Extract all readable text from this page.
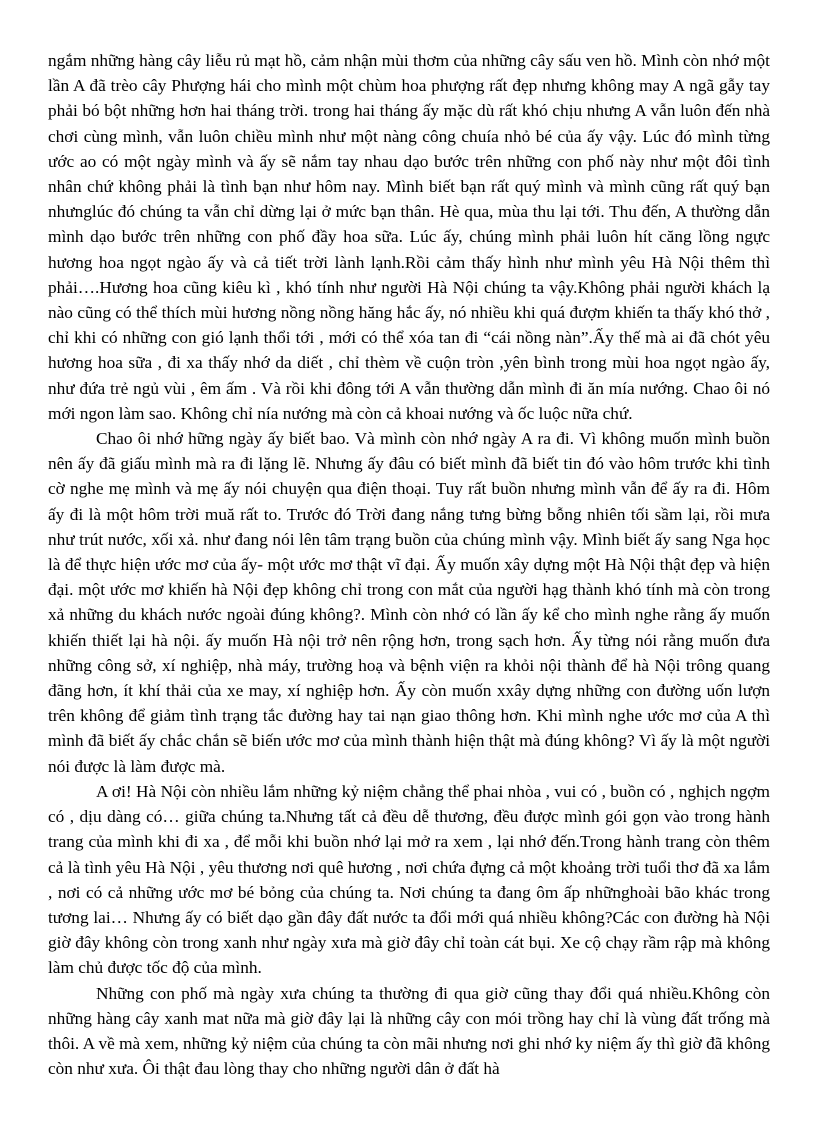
ngắm những hàng cây liễu rủ mạt hồ, cảm nhận mùi thơm của những cây sấu ven hồ. Mình còn nhớ một lần A đã trèo cây Phượng hái cho mình một chùm hoa phượng rất đẹp nhưng không may A ngã gẫy tay phải bó bột những hơn hai tháng trời. trong hai tháng ấy mặc dù rất khó chịu nhưng A vẫn luôn đến nhà chơi cùng mình, vẫn luôn chiều mình như một nàng công chuía nhỏ bé của ấy vậy. Lúc đó mình từng ước ao có một ngày mình và ấy sẽ nắm tay nhau dạo bước trên những con phố này như một đôi tình nhân chứ không phải là tình bạn như hôm nay. Mình biết bạn rất quý mình và mình cũng rất quý bạn nhưnglúc đó chúng ta vẫn chỉ dừng lại ở mức bạn thân. Hè qua, mùa thu lại tới. Thu đến, A thường dẫn mình dạo bước trên những con phố đầy hoa sữa. Lúc ấy, chúng mình phải luôn hít căng lồng ngực hương hoa ngọt ngào ấy và cả tiết trời lành lạnh.Rồi cảm thấy hình như mình yêu Hà Nội thêm thì phải….Hương hoa cũng kiêu kì , khó tính như người Hà Nội chúng ta vậy.Không phải người khách lạ nào cũng có thể thích mùi hương nồng nồng hăng hắc ấy, nó nhiều khi quá đượm khiến ta thấy khó thở , chỉ khi có những con gió lạnh thổi tới , mới có thể xóa tan đi “cái nồng nàn”.Ấy thế mà ai đã chót yêu hương hoa sữa , đi xa thấy nhớ da diết , chỉ thèm về cuộn tròn ,yên bình trong mùi hoa ngọt ngào ấy, như đứa trẻ ngủ vùi , êm ấm . Và rồi khi đông tới A vẫn thường dẫn mình đi ăn mía nướng. Chao ôi nó mới ngon làm sao. Không chỉ nía nướng mà còn cả khoai nướng và ốc luộc nữa chứ.

Chao ôi nhớ hững ngày ấy biết bao. Và mình còn nhớ ngày A ra đi. Vì không muốn mình buồn nên ấy đã giấu mình mà ra đi lặng lẽ. Nhưng ấy đâu có biết mình đã biết tin đó vào hôm trước khi tình cờ nghe mẹ mình và mẹ ấy nói chuyện qua điện thoại. Tuy rất buồn nhưng mình vẫn để ấy ra đi. Hôm ấy đi là một hôm trời muă rất to. Trước đó Trời đang nắng tưng bừng bỗng nhiên tối sầm lại, rồi mưa như trút nước, xối xả. như đang nói lên tâm trạng buồn của chúng mình vậy. Mình biết ấy sang Nga học là để thực hiện ước mơ của ấy- một ước mơ thật vĩ đại. Ấy muốn xây dựng một Hà Nội thật đẹp và hiện đại. một ước mơ khiến hà Nội đẹp không chỉ trong con mắt của người hạg thành khó tính mà còn trong xả những du khách nước ngoài đúng không?. Mình còn nhớ có lần ấy kể cho mình nghe rằng ấy muốn khiến thiết lại hà nội. ấy muốn Hà nội trở nên rộng hơn, trong sạch hơn. Ấy từng nói rằng muốn đưa những công sở, xí nghiệp, nhà máy, trường hoạ và bệnh viện ra khỏi nội thành để hà Nội trông quang đãng hơn, ít khí thải của xe may, xí nghiệp hơn. Ấy còn muốn xxây dựng những con đường uốn lượn trên không để giảm tình trạng tắc đường hay tai nạn giao thông hơn. Khi mình nghe ước mơ của A thì mình đã biết ấy chắc chắn sẽ biến ước mơ của mình thành hiện thật mà đúng không? Vì ấy là một người nói được là làm được mà.

A ơi! Hà Nội còn nhiều lắm những kỷ niệm chẳng thể phai nhòa , vui có , buồn có , nghịch ngợm có , dịu dàng có… giữa chúng ta.Nhưng tất cả đều dễ thương, đều được mình gói gọn vào trong hành trang của mình khi đi xa , để mỗi khi buồn nhớ lại mở ra xem , lại nhớ đến.Trong hành trang còn thêm cả là tình yêu Hà Nội , yêu thương nơi quê hương , nơi chứa đựng cả một khoảng trời tuổi thơ đã xa lắm , nơi có cả những ước mơ bé bỏng của chúng ta. Nơi chúng ta đang ôm ấp nhữnghoài bão khác trong tương lai… Nhưng ấy có biết dạo gần đây đất nước ta đổi mới quá nhiều không?Các con đường hà Nội giờ đây không còn trong xanh như ngày xưa mà giờ đây chỉ toàn cát bụi. Xe cộ chạy rầm rập mà không làm chủ được tốc độ của mình.

Những con phố mà ngày xưa chúng ta thường đi qua giờ cũng thay đổi quá nhiều.Không còn những hàng cây xanh mat nữa mà giờ đây lại là những cây con mói trồng hay chỉ là vùng đất trống mà thôi. A về mà xem, những kỷ niệm của chúng ta còn mãi nhưng nơi ghi nhớ ky niệm ấy thì giờ đã không còn như xưa. Ôi thật đau lòng thay cho những người dân ở đất hà
